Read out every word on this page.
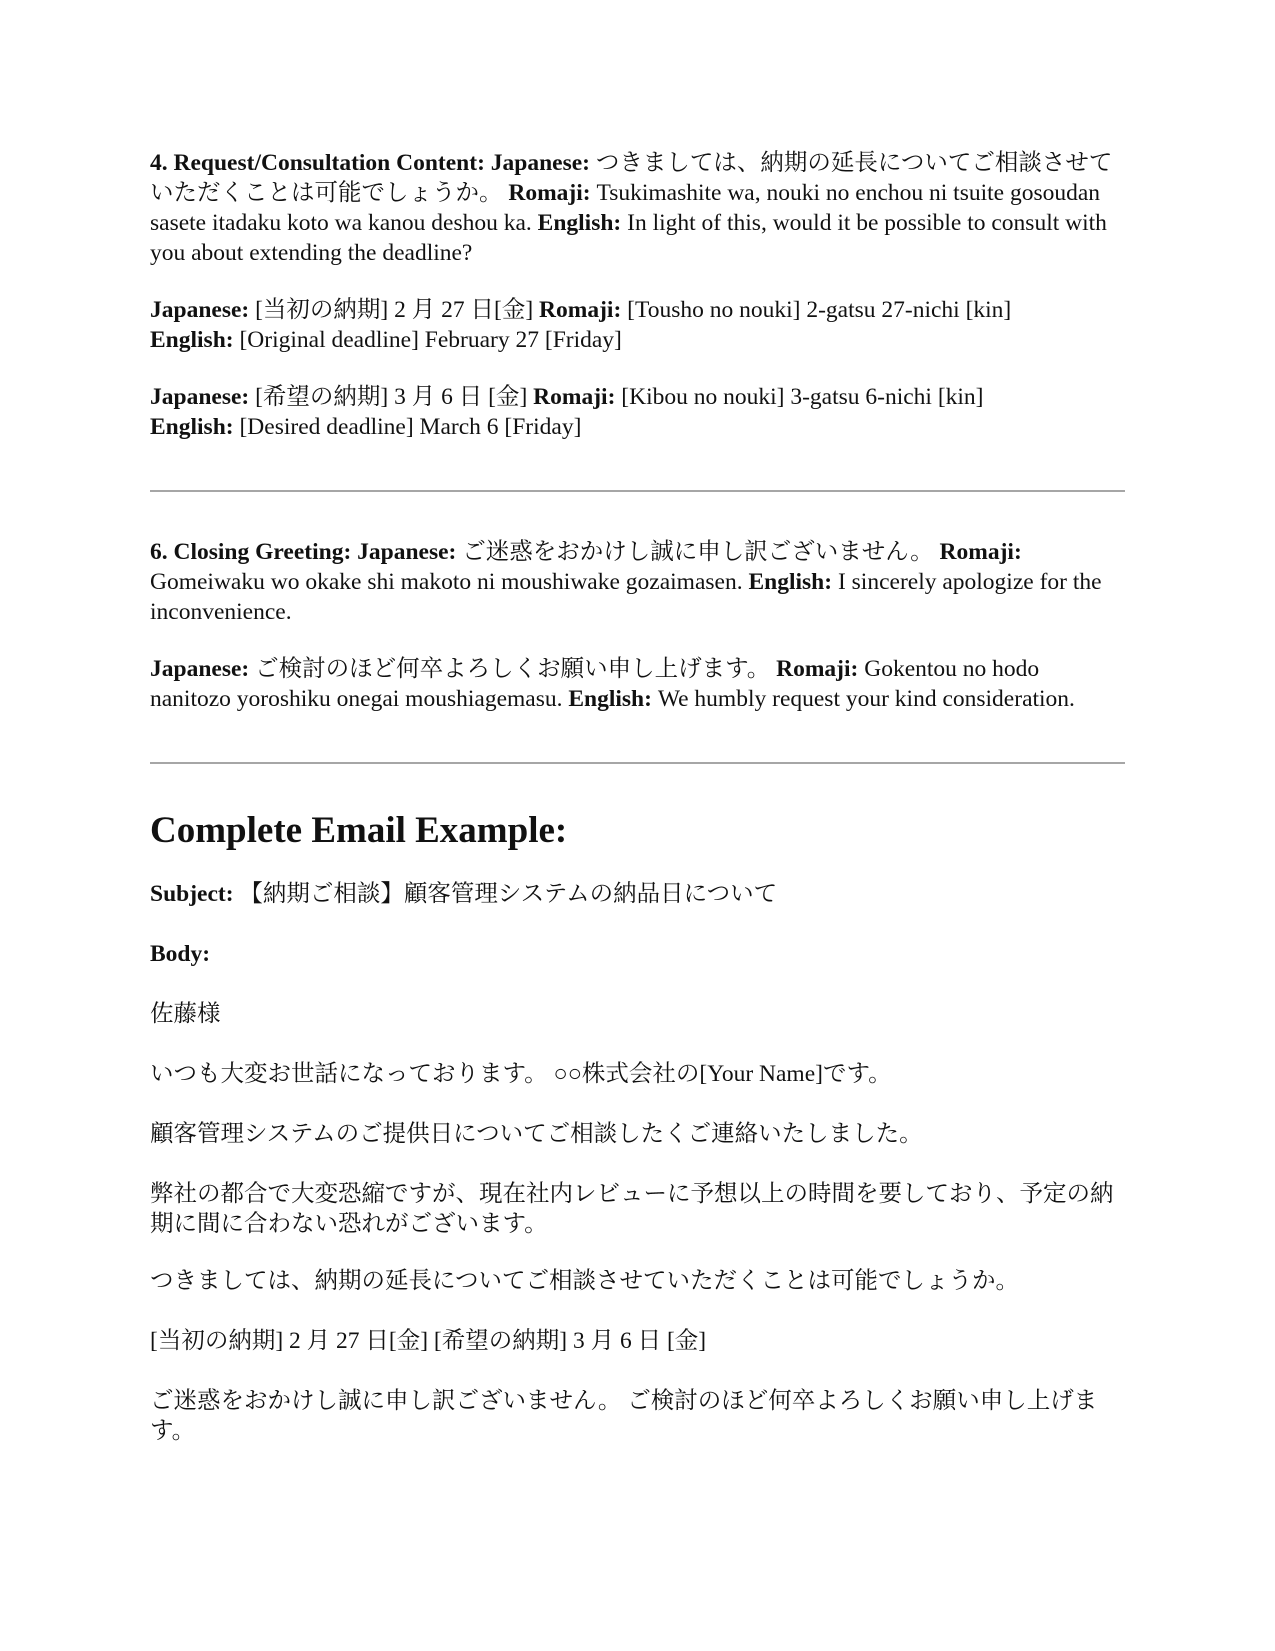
4. Request/Consultation Content: Japanese: つきましては、納期の延長についてご相談させていただくことは可能でしょうか。 Romaji: Tsukimashite wa, nouki no enchou ni tsuite gosoudan sasete itadaku koto wa kanou deshou ka. English: In light of this, would it be possible to consult with you about extending the deadline?

Japanese: [当初の納期] 2 月 27 日[金] Romaji: [Tousho no nouki] 2-gatsu 27-nichi [kin]
English: [Original deadline] February 27 [Friday]

Japanese: [希望の納期] 3 月 6 日 [金] Romaji: [Kibou no nouki] 3-gatsu 6-nichi [kin]
English: [Desired deadline] March 6 [Friday]

6. Closing Greeting: Japanese: ご迷惑をおかけし誠に申し訳ございません。 Romaji: Gomeiwaku wo okake shi makoto ni moushiwake gozaimasen. English: I sincerely apologize for the inconvenience.

Japanese: ご検討のほど何卒よろしくお願い申し上げます。 Romaji: Gokentou no hodo nanitozo yoroshiku onegai moushiagemasu. English: We humbly request your kind consideration.

Complete Email Example:

Subject: 【納期ご相談】顧客管理システムの納品日について

Body:

佐藤様

いつも大変お世話になっております。 ○○株式会社の[Your Name]です。

顧客管理システムのご提供日についてご相談したくご連絡いたしました。

弊社の都合で大変恐縮ですが、現在社内レビューに予想以上の時間を要しており、予定の納期に間に合わない恐れがございます。

つきましては、納期の延長についてご相談させていただくことは可能でしょうか。

[当初の納期] 2 月 27 日[金] [希望の納期] 3 月 6 日 [金]

ご迷惑をおかけし誠に申し訳ございません。 ご検討のほど何卒よろしくお願い申し上げます。
